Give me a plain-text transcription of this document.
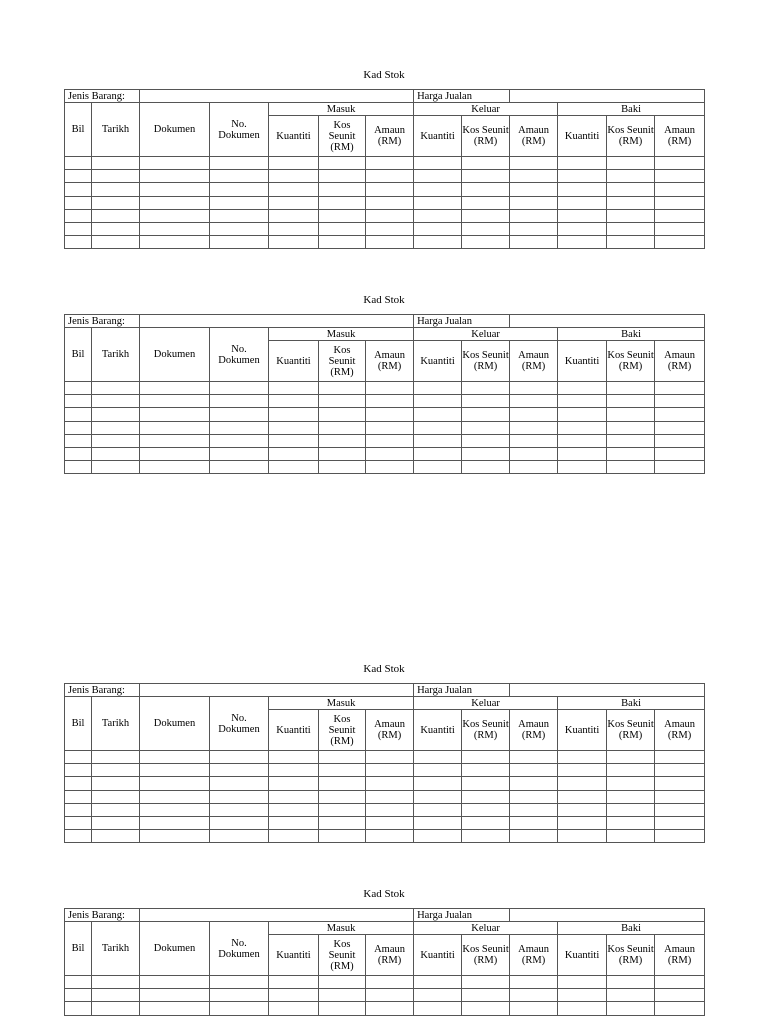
Kad Stok
Jenis Barang:							Harga Jualan					
Bil	Tarikh	Dokumen	No. Dokumen	Masuk			Keluar			Baki		
				Kuantiti	Kos Seunit (RM)	Amaun (RM)	Kuantiti	Kos Seunit (RM)	Amaun (RM)	Kuantiti	Kos Seunit (RM)	Amaun (RM)

Kad Stok
Jenis Barang:							Harga Jualan					
Bil	Tarikh	Dokumen	No. Dokumen	Masuk			Keluar			Baki		
				Kuantiti	Kos Seunit (RM)	Amaun (RM)	Kuantiti	Kos Seunit (RM)	Amaun (RM)	Kuantiti	Kos Seunit (RM)	Amaun (RM)

Kad Stok
Jenis Barang:							Harga Jualan					
Bil	Tarikh	Dokumen	No. Dokumen	Masuk			Keluar			Baki		
				Kuantiti	Kos Seunit (RM)	Amaun (RM)	Kuantiti	Kos Seunit (RM)	Amaun (RM)	Kuantiti	Kos Seunit (RM)	Amaun (RM)

Kad Stok
Jenis Barang:							Harga Jualan					
Bil	Tarikh	Dokumen	No. Dokumen	Masuk			Keluar			Baki		
				Kuantiti	Kos Seunit (RM)	Amaun (RM)	Kuantiti	Kos Seunit (RM)	Amaun (RM)	Kuantiti	Kos Seunit (RM)	Amaun (RM)
